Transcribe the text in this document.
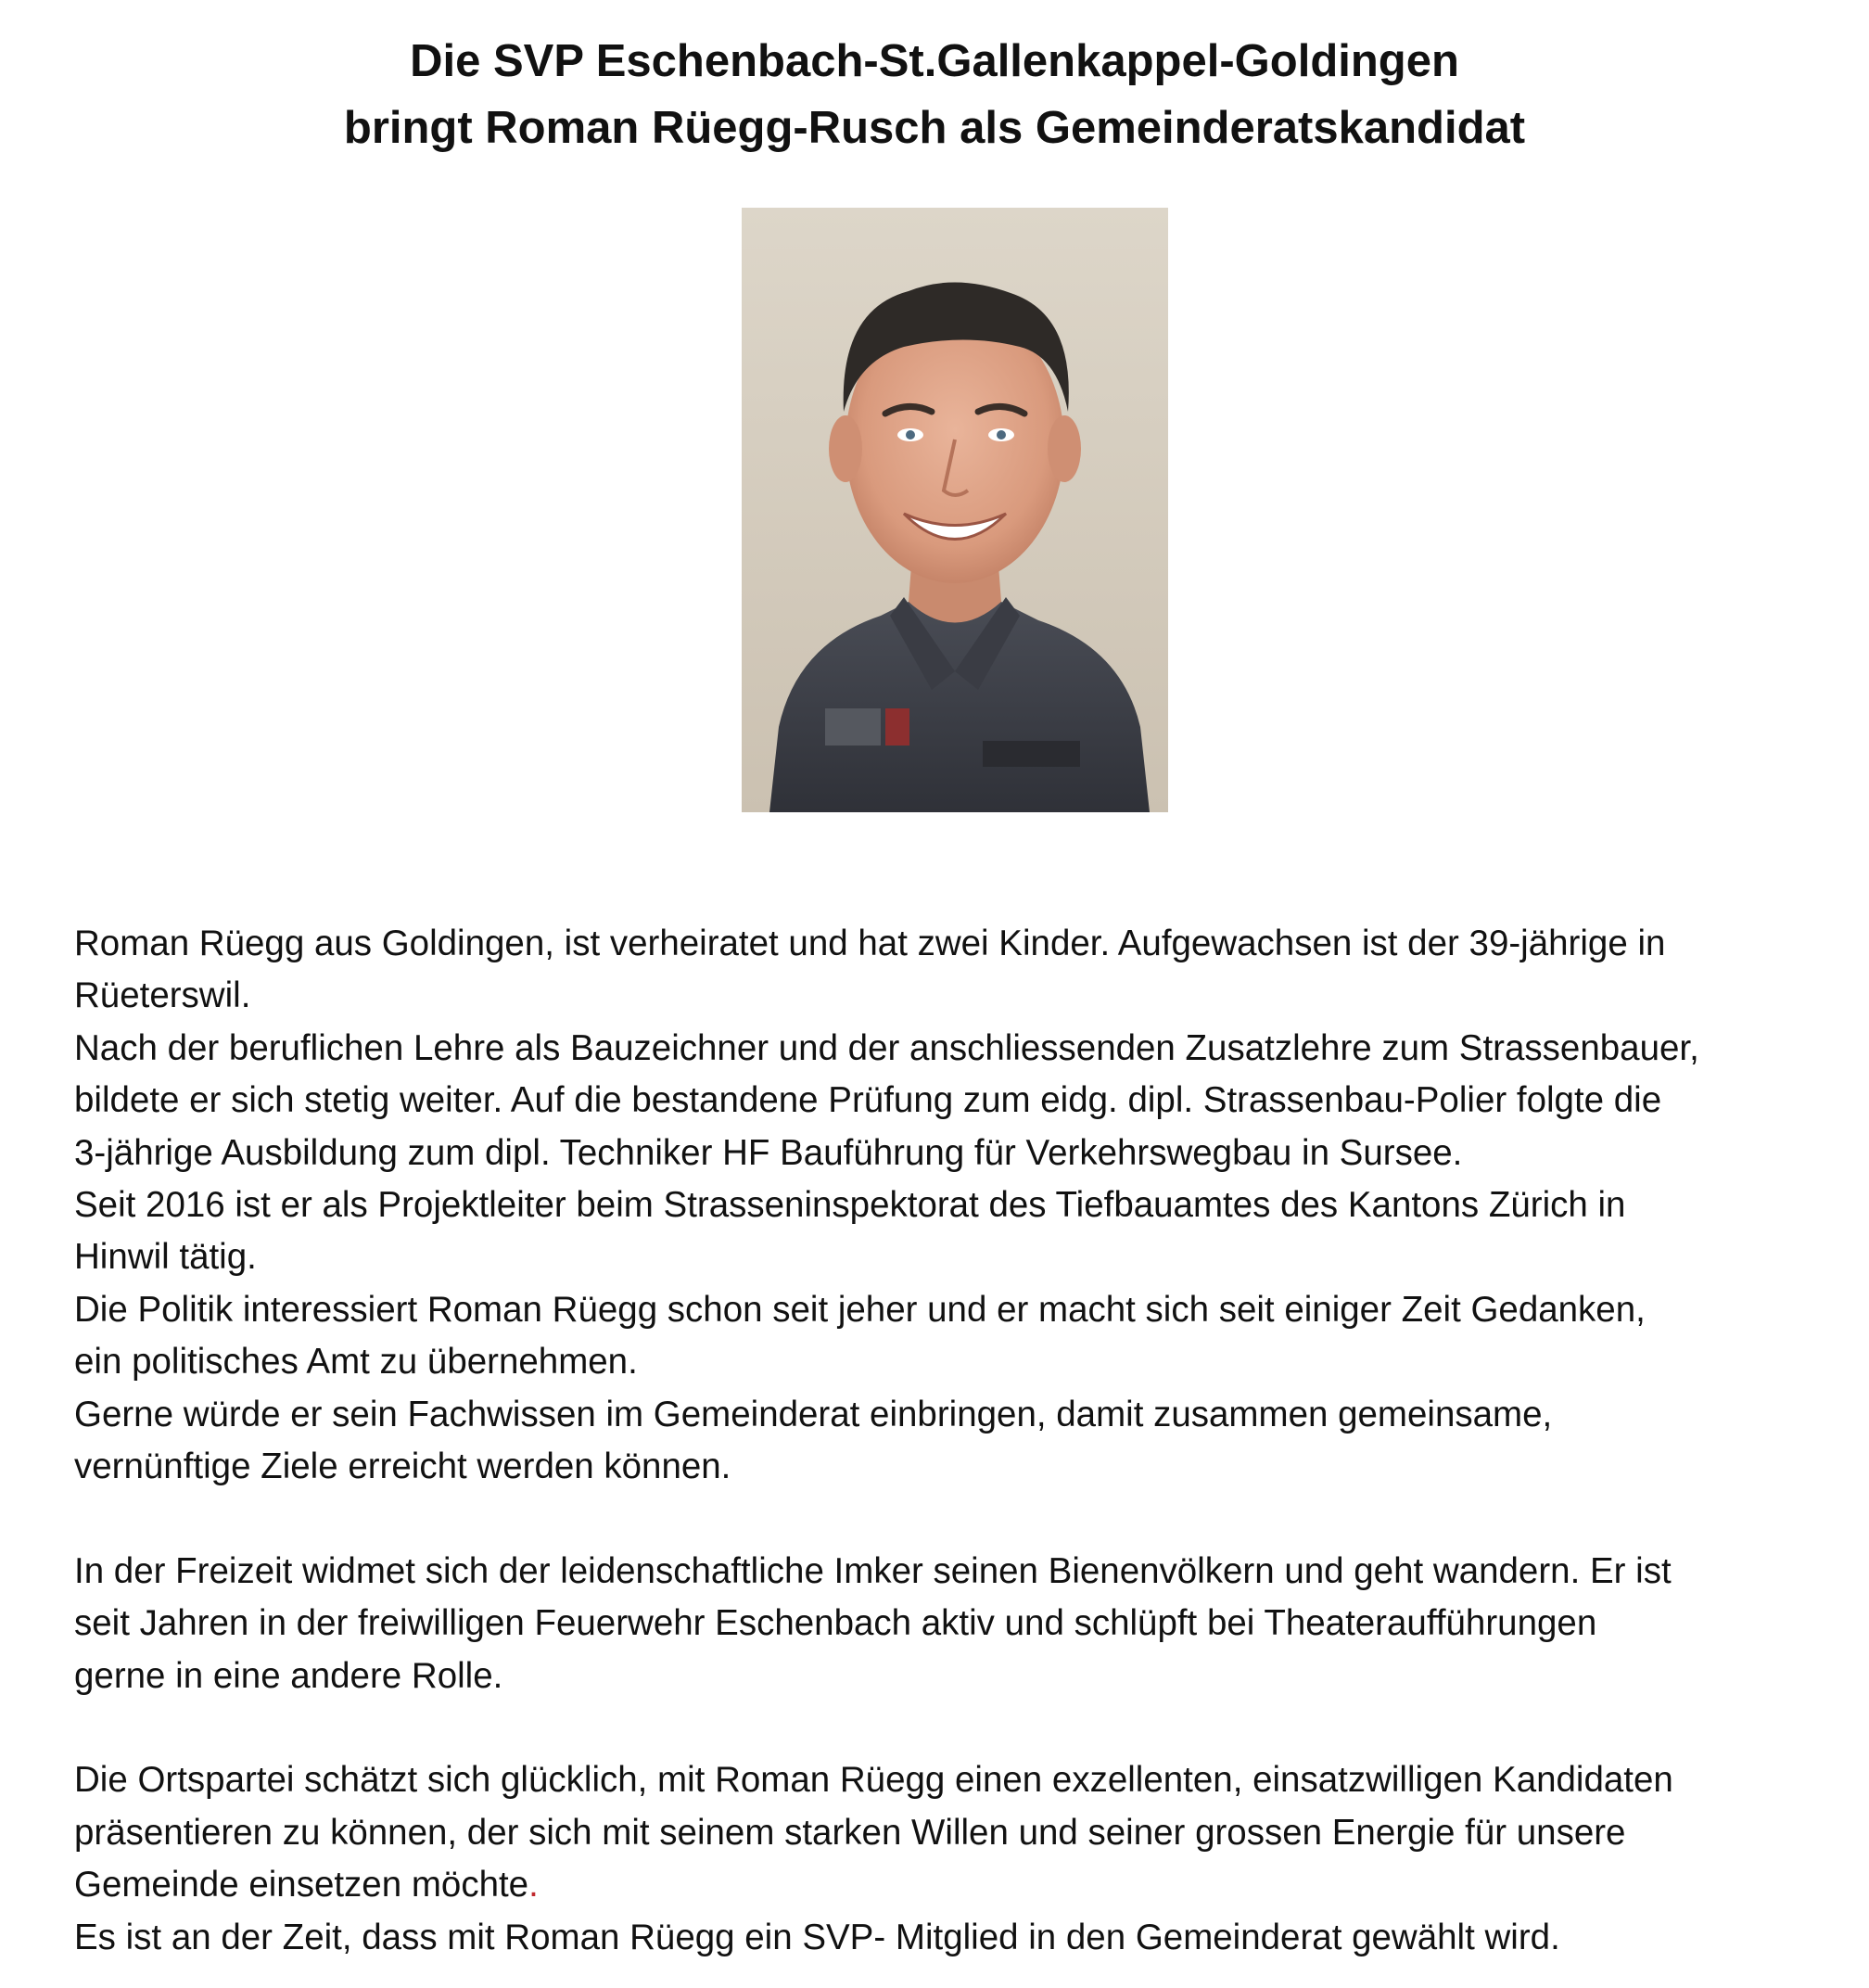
Die SVP Eschenbach-St.Gallenkappel-Goldingen
bringt Roman Rüegg-Rusch als Gemeinderatskandidat

Roman Rüegg aus Goldingen, ist verheiratet und hat zwei Kinder. Aufgewachsen ist der 39-jährige in
Rüeterswil.

Nach der beruflichen Lehre als Bauzeichner und der anschliessenden Zusatzlehre zum Strassenbauer,
bildete er sich stetig weiter. Auf die bestandene Prüfung zum eidg. dipl. Strassenbau-Polier folgte die
3-jährige Ausbildung zum dipl. Techniker HF Bauführung für Verkehrswegbau in Sursee.

Seit 2016 ist er als Projektleiter beim Strasseninspektorat des Tiefbauamtes des Kantons Zürich in
Hinwil tätig.

Die Politik interessiert Roman Rüegg schon seit jeher und er macht sich seit einiger Zeit Gedanken,
ein politisches Amt zu übernehmen.

Gerne würde er sein Fachwissen im Gemeinderat einbringen, damit zusammen gemeinsame,
vernünftige Ziele erreicht werden können.

In der Freizeit widmet sich der leidenschaftliche Imker seinen Bienenvölkern und geht wandern. Er ist
seit Jahren in der freiwilligen Feuerwehr Eschenbach aktiv und schlüpft bei Theateraufführungen
gerne in eine andere Rolle.

Die Ortspartei schätzt sich glücklich, mit Roman Rüegg einen exzellenten, einsatzwilligen Kandidaten
präsentieren zu können, der sich mit seinem starken Willen und seiner grossen Energie für unsere
Gemeinde einsetzen möchte.

Es ist an der Zeit, dass mit Roman Rüegg ein SVP- Mitglied in den Gemeinderat gewählt wird.
